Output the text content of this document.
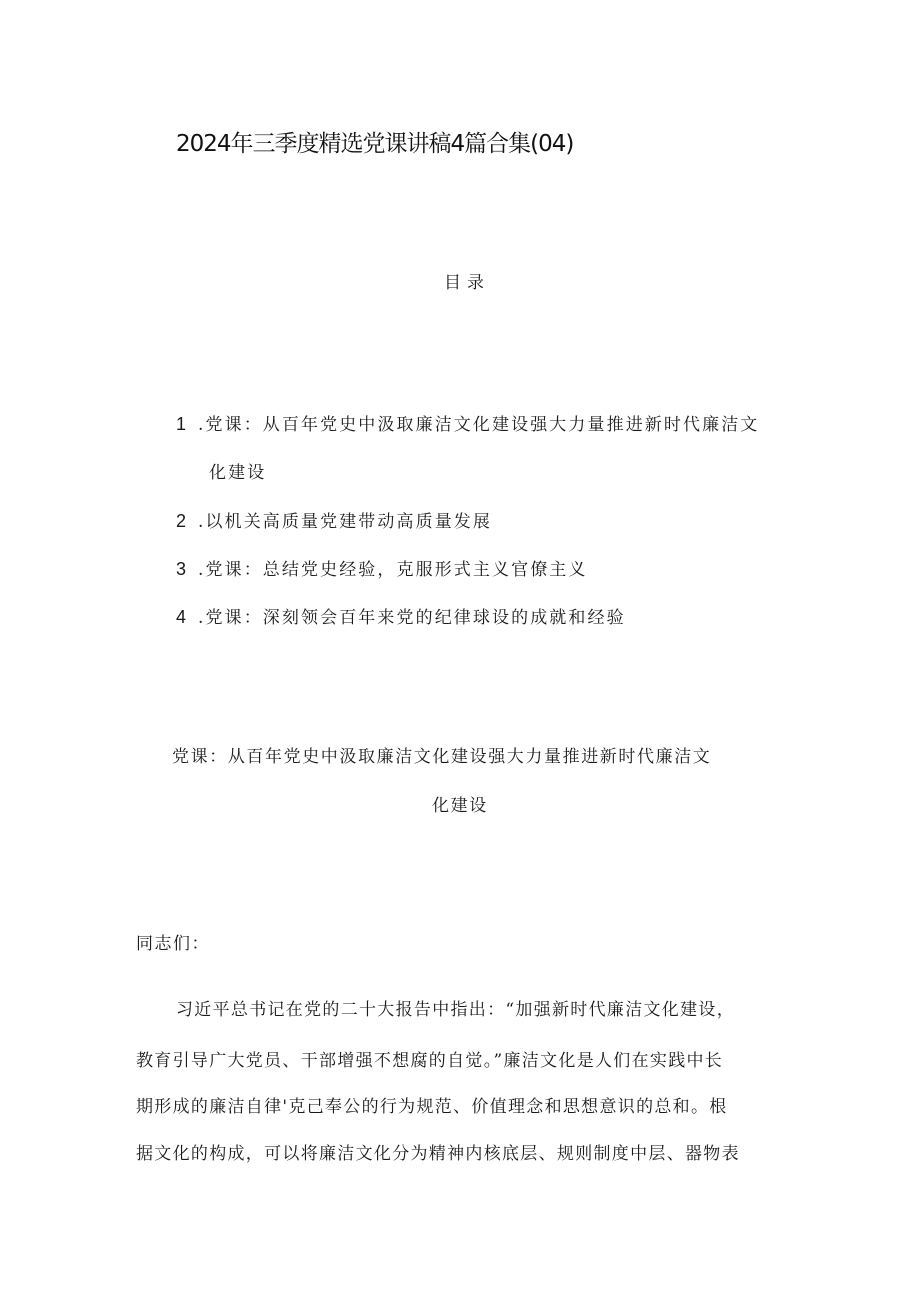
2024年三季度精选党课讲稿4篇合集(04)
目录
1 .党课：从百年党史中汲取廉洁文化建设强大力量推进新时代廉洁文
化建设
2 .以机关高质量党建带动高质量发展
3 .党课：总结党史经验，克服形式主义官僚主义
4 .党课：深刻领会百年来党的纪律球设的成就和经验
党课：从百年党史中汲取廉洁文化建设强大力量推进新时代廉洁文
化建设
同志们：
习近平总书记在党的二十大报告中指出：“加强新时代廉洁文化建设，
教育引导广大党员、干部增强不想腐的自觉。”廉洁文化是人们在实践中长
期形成的廉洁自律'克己奉公的行为规范、价值理念和思想意识的总和。根
据文化的构成，可以将廉洁文化分为精神内核底层、规则制度中层、器物表
